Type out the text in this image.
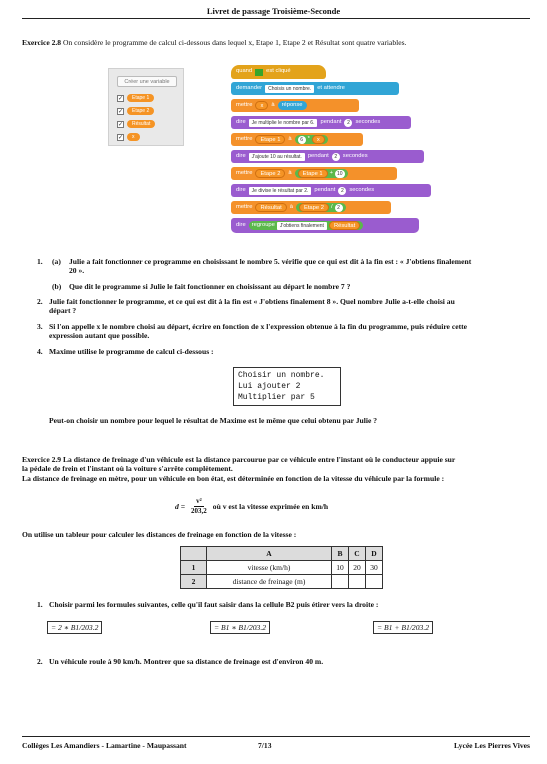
Livret de passage Troisième-Seconde
Exercice 2.8 On considère le programme de calcul ci-dessous dans lequel x, Etape 1, Etape 2 et Résultat sont quatre variables.
Créer une variable
✓	Etape 1
✓	Etape 2
✓	Résultat
✓	x
quand est cliqué
demander	Choisis un nombre.	et attendre
mettre	x	à	réponse
dire	Je multiplie le nombre par 6.	pendant	2 secondes
mettre	Etape 1	à	6 *	x
dire	J'ajoute 10 au résultat.	pendant	2 secondes
mettre	Etape 2	à	Etape 1	+ 10
dire	Je divise le résultat par 2.	pendant	2 secondes
mettre	Résultat	à	Etape 2	/ 2
dire regroupe	J'obtiens finalement	Résultat
1. (a) Julie a fait fonctionner ce programme en choisissant le nombre 5. vérifie que ce qui est dit à la fin est : « J'obtiens finalement
20 ».
(b) Que dit le programme si Julie le fait fonctionner en choisissant au départ le nombre 7 ?
2. Julie fait fonctionner le programme, et ce qui est dit à la fin est « J'obtiens finalement 8 ». Quel nombre Julie a-t-elle choisi au
départ ?
3. Si l'on appelle x le nombre choisi au départ, écrire en fonction de x l'expression obtenue à la fin du programme, puis réduire cette
expression autant que possible.
4. Maxime utilise le programme de calcul ci-dessous :
Choisir un nombre.
Lui ajouter 2
Multiplier par 5
Peut-on choisir un nombre pour lequel le résultat de Maxime est le même que celui obtenu par Julie ?
Exercice 2.9 La distance de freinage d'un véhicule est la distance parcourue par ce véhicule entre l'instant où le conducteur appuie sur
la pédale de frein et l'instant où la voiture s'arrête complètement.
La distance de freinage en mètre, pour un véhicule en bon état, est déterminée en fonction de la vitesse du véhicule par la formule :
$d = \frac{\text{v²}}{203,2}$ où v est la vitesse exprimée en km/h
On utilise un tableur pour calculer les distances de freinage en fonction de la vitesse :
	A	B	C	D
1	vitesse (km/h)	10	20	30
2	distance de freinage (m)			
1. Choisir parmi les formules suivantes, celle qu'il faut saisir dans la cellule B2 puis étirer vers la droite :
= 2 ∗ B1/203.2	= B1 ∗ B1/203.2	= B1 + B1/203.2
2. Un véhicule roule à 90 km/h. Montrer que sa distance de freinage est d'environ 40 m.
Collèges Les Amandiers - Lamartine - Maupassant	7/13	Lycée Les Pierres Vives
